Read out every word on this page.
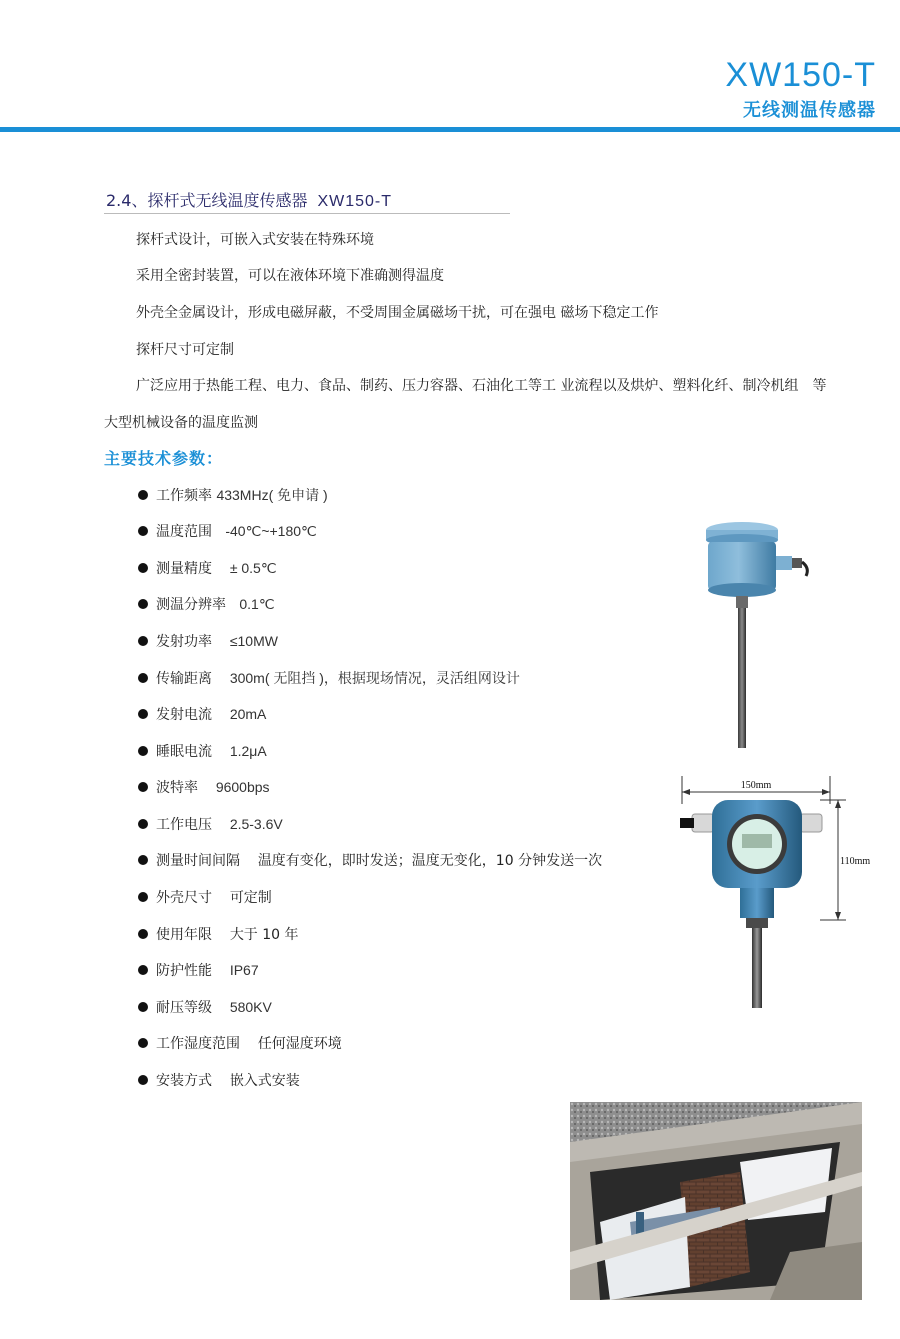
XW150-T
无线测温传感器
2.4、探杆式无线温度传感器 XW150-T
探杆式设计，可嵌入式安装在特殊环境
采用全密封装置，可以在液体环境下准确测得温度
外壳全金属设计，形成电磁屏蔽，不受周围金属磁场干扰，可在强电 磁场下稳定工作
探杆尺寸可定制
广泛应用于热能工程、电力、食品、制药、压力容器、石油化工等工 业流程以及烘炉、塑料化纤、制冷机组　等
大型机械设备的温度监测
主要技术参数：
工作频率
433MHz( 免申请 )
温度范围
-40℃~+180℃
测量精度
± 0.5℃
测温分辨率
0.1℃
发射功率
≤10MW
传输距离
300m( 无阻挡 )，根据现场情况，灵活组网设计
发射电流
20mA
睡眠电流
1.2μA
波特率
9600bps
工作电压
2.5-3.6V
测量时间间隔
温度有变化，即时发送；温度无变化，10 分钟发送一次
外壳尺寸
可定制
使用年限
大于 10 年
防护性能
IP67
耐压等级
580KV
工作湿度范围
任何湿度环境
安装方式
嵌入式安装
150mm
110mm
